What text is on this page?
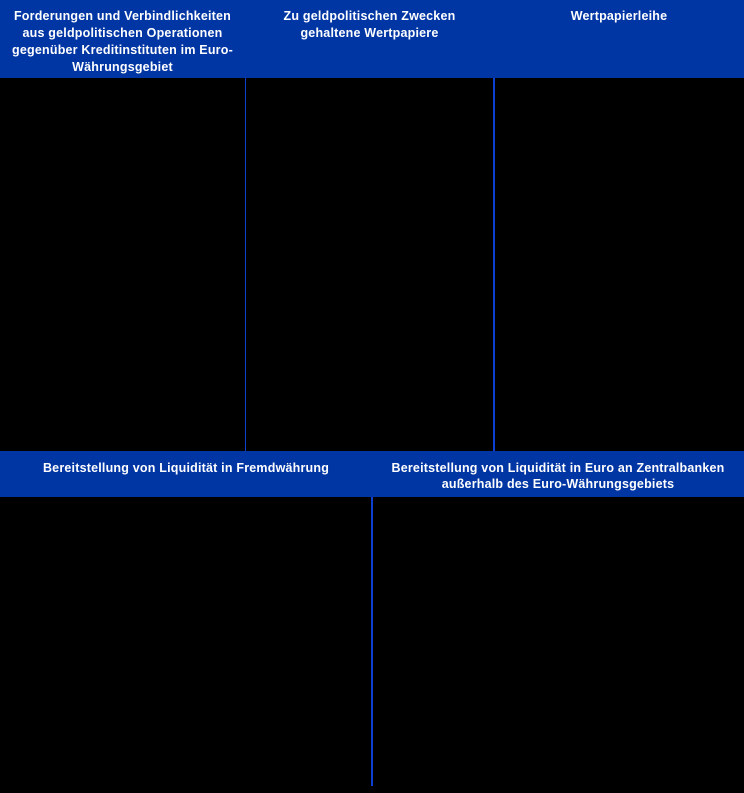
Forderungen und Verbindlichkeiten aus geldpolitischen Operationen gegenüber Kreditinstituten im Euro-Währungsgebiet
Zu geldpolitischen Zwecken gehaltene Wertpapiere
Wertpapierleihe
Bereitstellung von Liquidität in Fremdwährung	Bereitstellung von Liquidität in Euro an Zentralbanken außerhalb des Euro-Währungsgebiets
